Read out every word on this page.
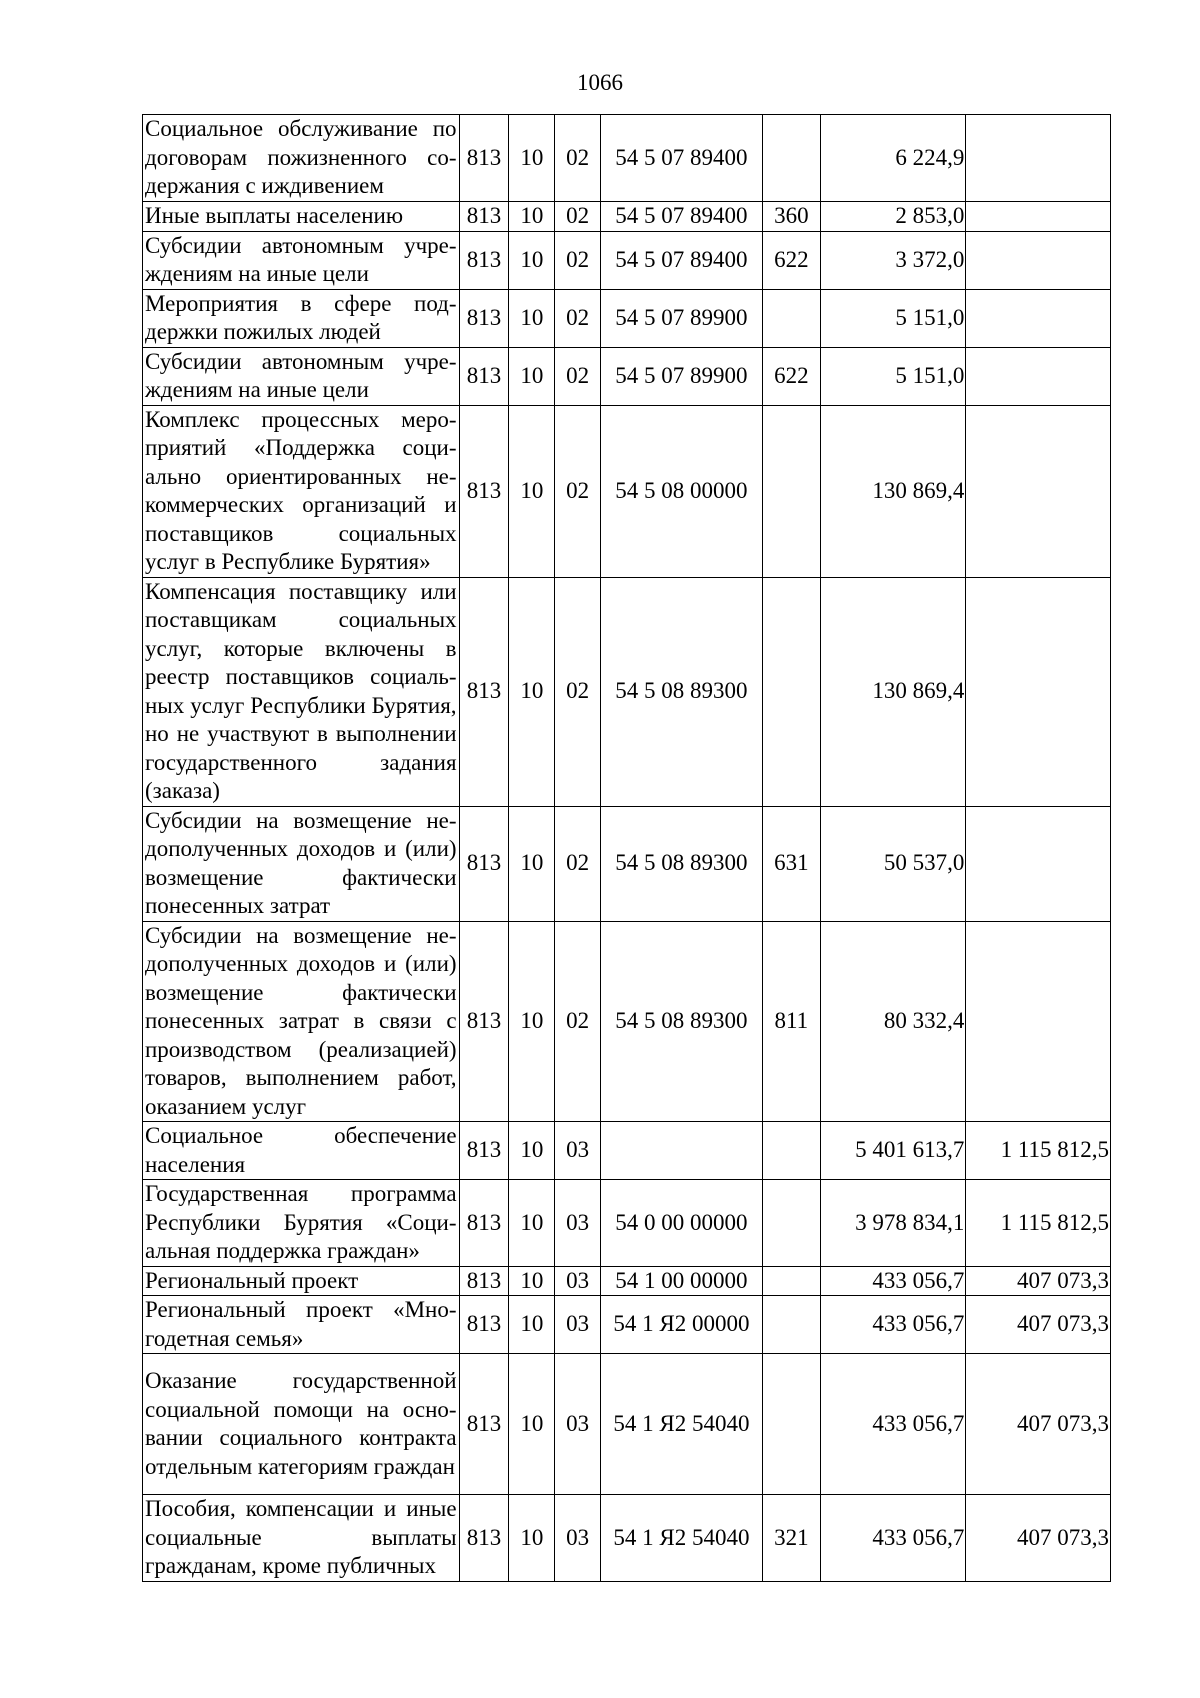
1066
Социальное обслуживание по договорам пожизненного содержания с иждивением	813	10	02	54 5 07 89400		6 224,9	
Иные выплаты населению	813	10	02	54 5 07 89400	360	2 853,0	
Субсидии автономным учреждениям на иные цели	813	10	02	54 5 07 89400	622	3 372,0	
Мероприятия в сфере поддержки пожилых людей	813	10	02	54 5 07 89900		5 151,0	
Субсидии автономным учреждениям на иные цели	813	10	02	54 5 07 89900	622	5 151,0	
Комплекс процессных мероприятий «Поддержка социально ориентированных некоммерческих организаций и поставщиков социальных услуг в Республике Бурятия»	813	10	02	54 5 08 00000		130 869,4	
Компенсация поставщику или поставщикам социальных услуг, которые включены в реестр поставщиков социальных услуг Республики Бурятия, но не участвуют в выполнении государственного задания (заказа)	813	10	02	54 5 08 89300		130 869,4	
Субсидии на возмещение недополученных доходов и (или) возмещение фактически понесенных затрат	813	10	02	54 5 08 89300	631	50 537,0	
Субсидии на возмещение недополученных доходов и (или) возмещение фактически понесенных затрат в связи с производством (реализацией) товаров, выполнением работ, оказанием услуг	813	10	02	54 5 08 89300	811	80 332,4	
Социальное обеспечение населения	813	10	03			5 401 613,7	1 115 812,5
Государственная программа Республики Бурятия «Социальная поддержка граждан»	813	10	03	54 0 00 00000		3 978 834,1	1 115 812,5
Региональный проект	813	10	03	54 1 00 00000		433 056,7	407 073,3
Региональный проект «Многодетная семья»	813	10	03	54 1 Я2 00000		433 056,7	407 073,3
Оказание государственной социальной помощи на основании социального контракта отдельным категориям граждан	813	10	03	54 1 Я2 54040		433 056,7	407 073,3
Пособия, компенсации и иные социальные выплаты гражданам, кроме публичных	813	10	03	54 1 Я2 54040	321	433 056,7	407 073,3
